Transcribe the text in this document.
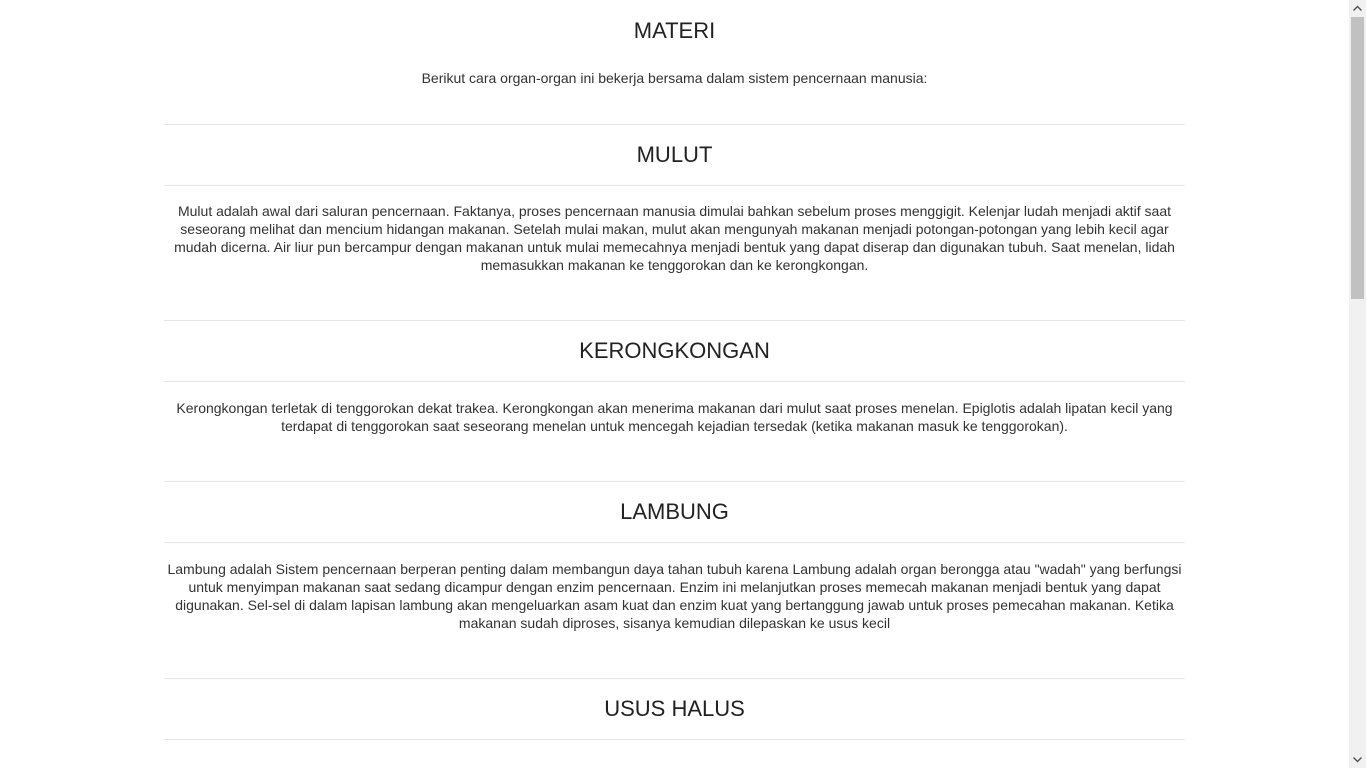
MATERI

Berikut cara organ-organ ini bekerja bersama dalam sistem pencernaan manusia:

MULUT

Mulut adalah awal dari saluran pencernaan. Faktanya, proses pencernaan manusia dimulai bahkan sebelum proses menggigit. Kelenjar ludah menjadi aktif saat seseorang melihat dan mencium hidangan makanan. Setelah mulai makan, mulut akan mengunyah makanan menjadi potongan-potongan yang lebih kecil agar mudah dicerna. Air liur pun bercampur dengan makanan untuk mulai memecahnya menjadi bentuk yang dapat diserap dan digunakan tubuh. Saat menelan, lidah memasukkan makanan ke tenggorokan dan ke kerongkongan.

KERONGKONGAN

Kerongkongan terletak di tenggorokan dekat trakea. Kerongkongan akan menerima makanan dari mulut saat proses menelan. Epiglotis adalah lipatan kecil yang terdapat di tenggorokan saat seseorang menelan untuk mencegah kejadian tersedak (ketika makanan masuk ke tenggorokan).

LAMBUNG

Lambung adalah Sistem pencernaan berperan penting dalam membangun daya tahan tubuh karena Lambung adalah organ berongga atau "wadah" yang berfungsi untuk menyimpan makanan saat sedang dicampur dengan enzim pencernaan. Enzim ini melanjutkan proses memecah makanan menjadi bentuk yang dapat digunakan. Sel-sel di dalam lapisan lambung akan mengeluarkan asam kuat dan enzim kuat yang bertanggung jawab untuk proses pemecahan makanan. Ketika makanan sudah diproses, sisanya kemudian dilepaskan ke usus kecil

USUS HALUS
